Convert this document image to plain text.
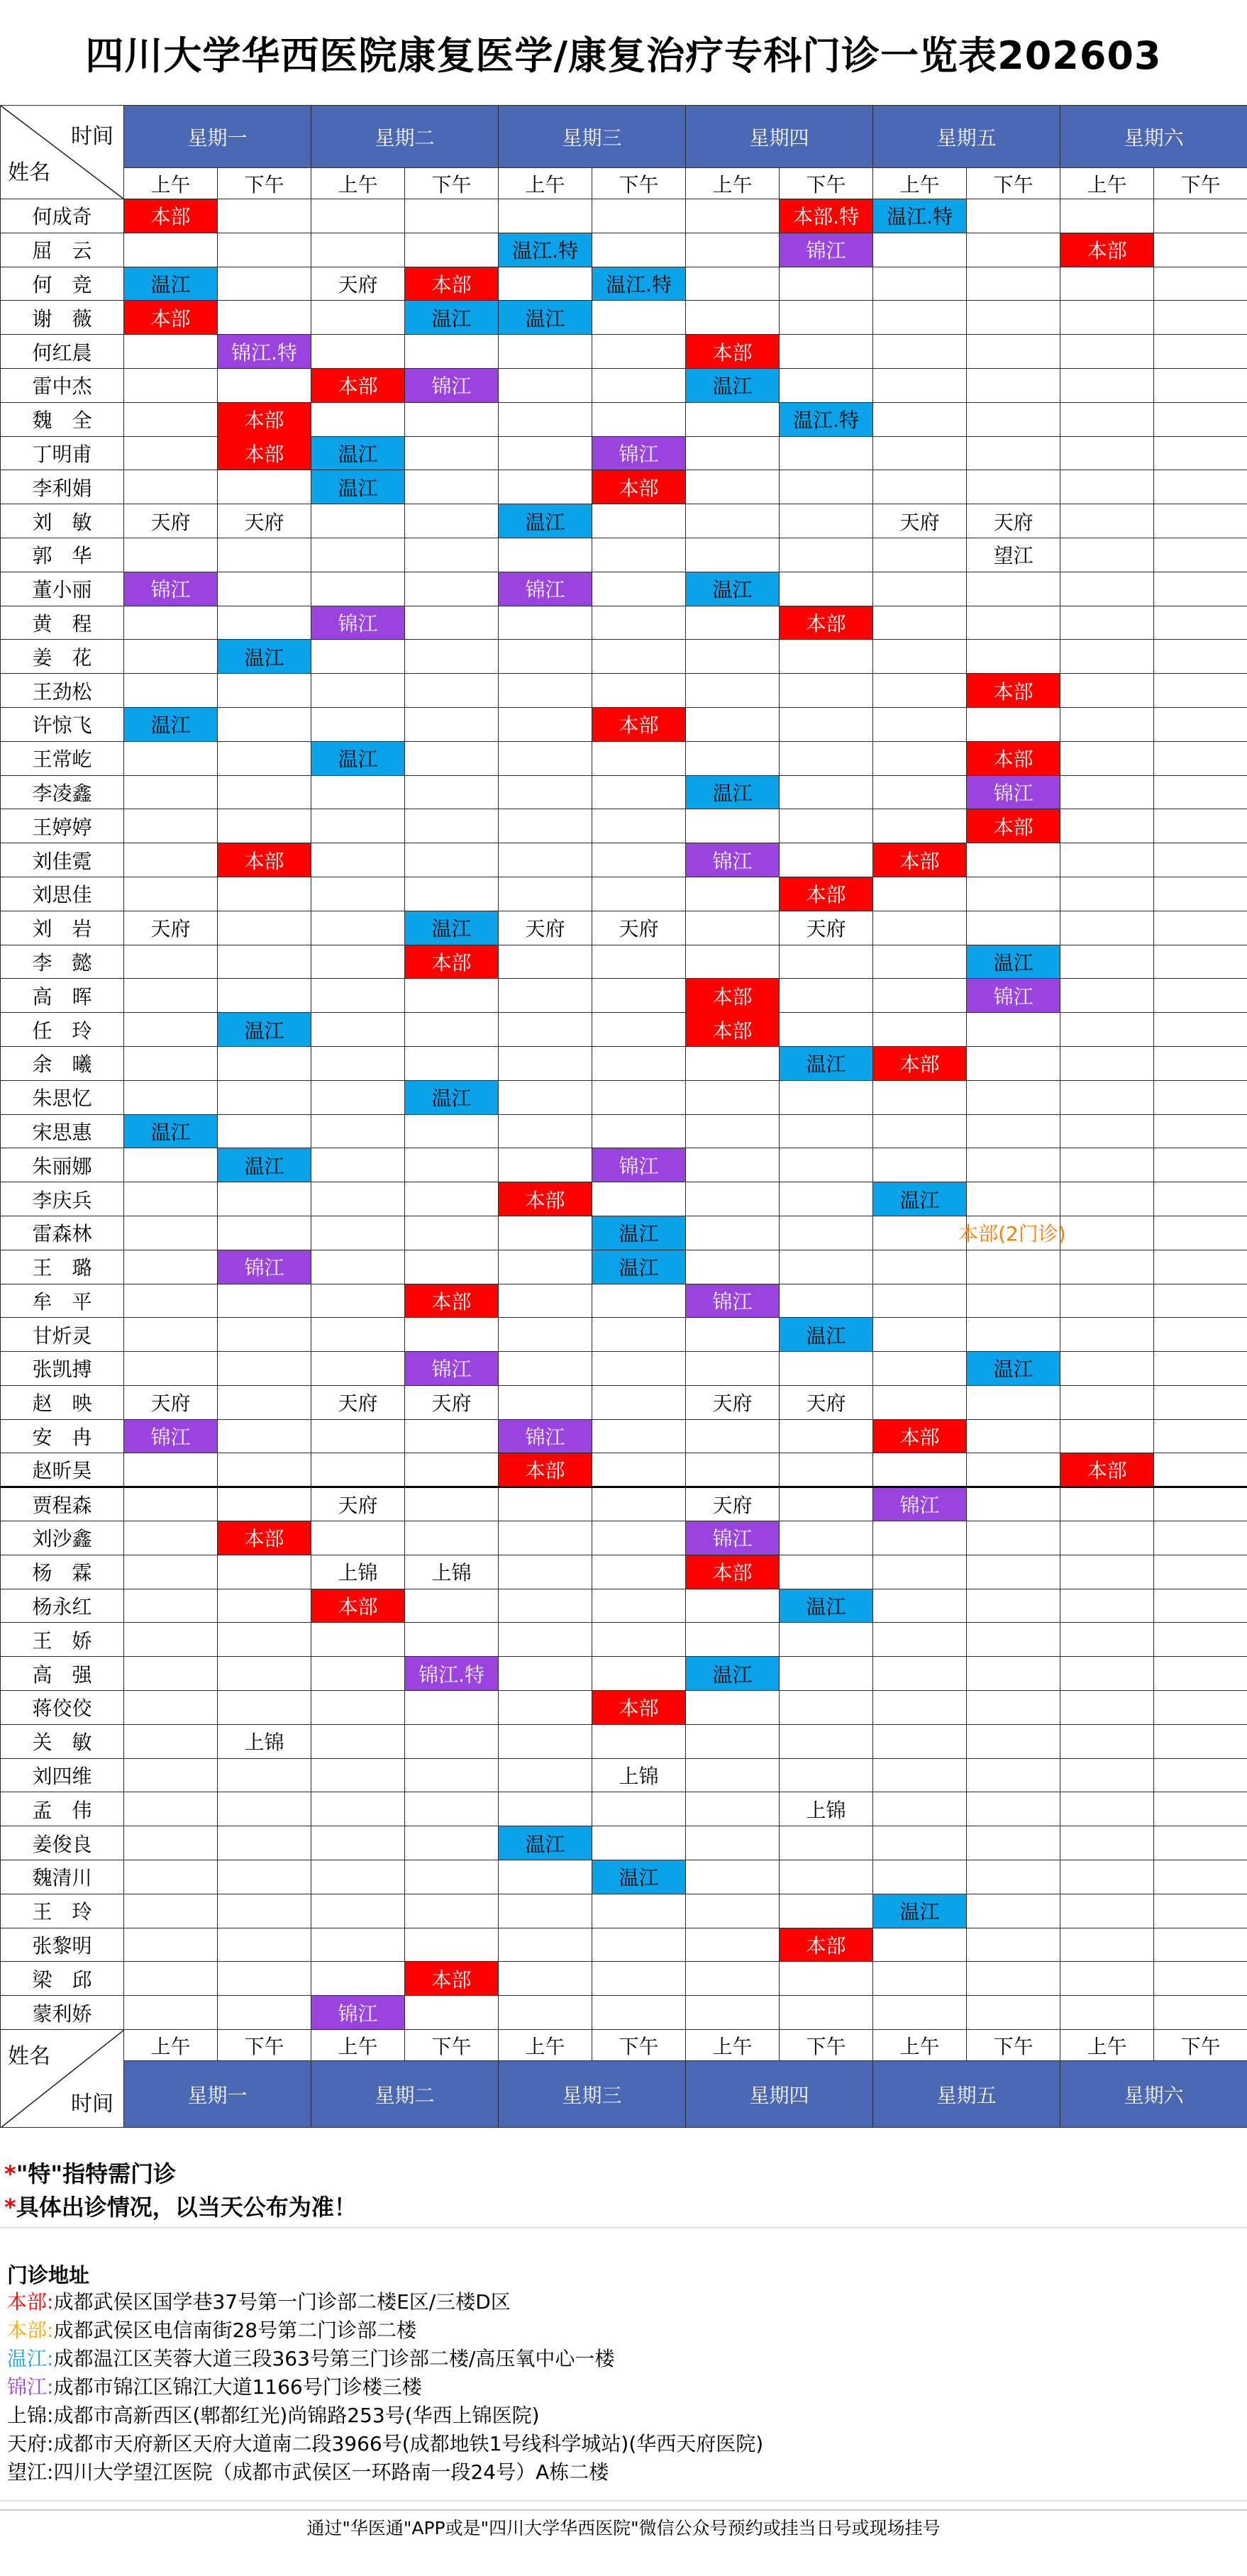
四川大学华西医院康复医学/康复治疗专科门诊一览表202603
时间
姓名	星期一		星期二		星期三		星期四		星期五		星期六	
	上午	下午	上午	下午	上午	下午	上午	下午	上午	下午	上午	下午
何成奇	本部							本部.特	温江.特			
屈　云					温江.特			锦江			本部	
何　竞	温江		天府	本部		温江.特						
谢　薇	本部			温江	温江							
何红晨		锦江.特					本部					
雷中杰			本部	锦江			温江					
魏　全		本部						温江.特				
丁明甫		本部	温江			锦江						
李利娟			温江			本部						
刘　敏	天府	天府			温江				天府	天府		
郭　华										望江		
董小丽	锦江				锦江		温江					
黄　程			锦江					本部				
姜　花		温江										
王劲松										本部		
许惊飞	温江					本部						
王常屹			温江							本部		
李凌鑫							温江			锦江		
王婷婷										本部		
刘佳霓		本部					锦江		本部			
刘思佳								本部				
刘　岩	天府			温江	天府	天府		天府				
李　懿				本部						温江		
高　晖							本部			锦江		
任　玲		温江					本部					
余　曦								温江	本部			
朱思忆				温江								
宋思惠	温江											
朱丽娜		温江				锦江						
李庆兵					本部				温江			
雷森林						温江				本部(2门诊)		

王　璐		锦江				温江						
牟　平				本部			锦江					
甘炘灵								温江				
张凯搏				锦江						温江		
赵　映	天府		天府	天府			天府	天府				
安　冉	锦江				锦江				本部			
赵昕昊					本部						本部	
贾程森			天府				天府		锦江			
刘沙鑫		本部					锦江					
杨　霖			上锦	上锦			本部					
杨永红			本部					温江				
王　娇												
高　强				锦江.特			温江					
蒋佼佼						本部						
关　敏		上锦										
刘四维						上锦						
孟　伟								上锦				
姜俊良					温江							
魏清川						温江						
王　玲									温江			
张黎明								本部				
梁　邱				本部								
蒙利娇			锦江									

姓名
时间	上午	下午	上午	下午	上午	下午	上午	下午	上午	下午	上午	下午
	星期一		星期二		星期三		星期四		星期五		星期六	
*"特"指特需门诊
*具体出诊情况，以当天公布为准！
门诊地址
本部:成都武侯区国学巷37号第一门诊部二楼E区/三楼D区
本部:成都武侯区电信南街28号第二门诊部二楼
温江:成都温江区芙蓉大道三段363号第三门诊部二楼/高压氧中心一楼
锦江:成都市锦江区锦江大道1166号门诊楼三楼
上锦:成都市高新西区(郫都红光)尚锦路253号(华西上锦医院)
天府:成都市天府新区天府大道南二段3966号(成都地铁1号线科学城站)(华西天府医院)
望江:四川大学望江医院（成都市武侯区一环路南一段24号）A栋二楼
通过"华医通"APP或是"四川大学华西医院"微信公众号预约或挂当日号或现场挂号
